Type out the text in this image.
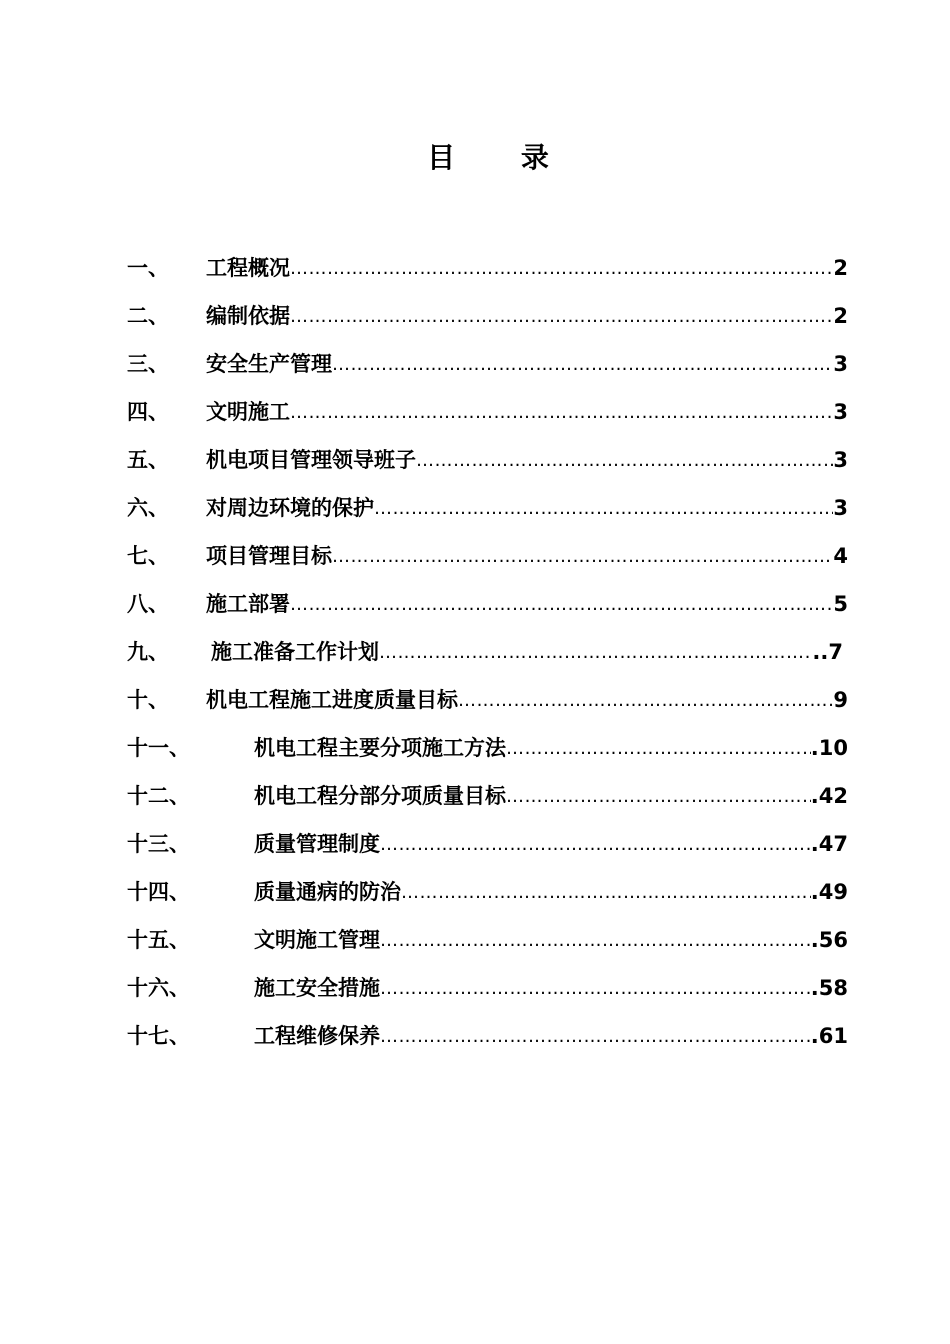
目 录
一、	工程概况 ………………………………………………………………………………………………………………………………………………………………………	2
二、	编制依据 ………………………………………………………………………………………………………………………………………………………………………	2
三、	安全生产管理 ………………………………………………………………………………………………………………………………………………………………………	3
四、	文明施工 ………………………………………………………………………………………………………………………………………………………………………	3
五、	机电项目管理领导班子 ………………………………………………………………………………………………………………………………………………………………………	3
六、	对周边环境的保护 ………………………………………………………………………………………………………………………………………………………………………	3
七、	项目管理目标 ………………………………………………………………………………………………………………………………………………………………………	4
八、	施工部署 ………………………………………………………………………………………………………………………………………………………………………	5
九、	施工准备工作计划 ………………………………………………………………………………………………………………………………………………………………………	..7
十、	机电工程施工进度质量目标 ………………………………………………………………………………………………………………………………………………………………………	9
十一、	机电工程主要分项施工方法 ………………………………………………………………………………………………………………………………………………………………………	.10
十二、	机电工程分部分项质量目标 ………………………………………………………………………………………………………………………………………………………………………	.42
十三、	质量管理制度 ………………………………………………………………………………………………………………………………………………………………………	.47
十四、	质量通病的防治 ………………………………………………………………………………………………………………………………………………………………………	.49
十五、	文明施工管理 ………………………………………………………………………………………………………………………………………………………………………	.56
十六、	施工安全措施 ………………………………………………………………………………………………………………………………………………………………………	.58
十七、	工程维修保养 ………………………………………………………………………………………………………………………………………………………………………	.61
